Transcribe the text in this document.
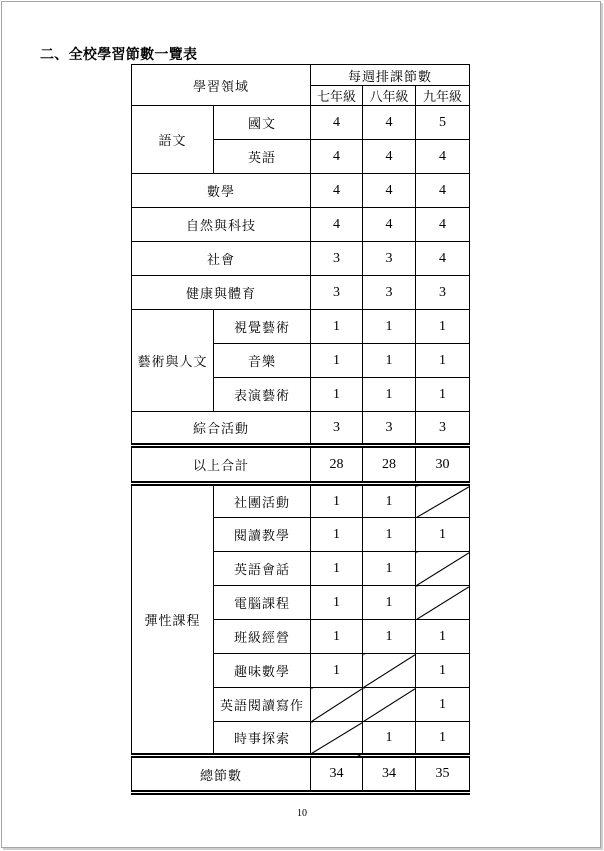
二、全校學習節數一覽表
學習領域		每週排課節數		
		七年級	八年級	九年級
語文	國文	4	4	5
	英語	4	4	4
數學		4	4	4
自然與科技		4	4	4
社會		3	3	4
健康與體育		3	3	3
藝術與人文	視覺藝術	1	1	1
	音樂	1	1	1
	表演藝術	1	1	1
綜合活動		3	3	3
以上合計		28	28	30
彈性課程	社團活動	1	1	
	閱讀教學	1	1	1
	英語會話	1	1	
	電腦課程	1	1	
	班級經營	1	1	1
	趣味數學	1		1
	英語閱讀寫作			1
	時事探索		1	1
總節數		34	34	35
10
